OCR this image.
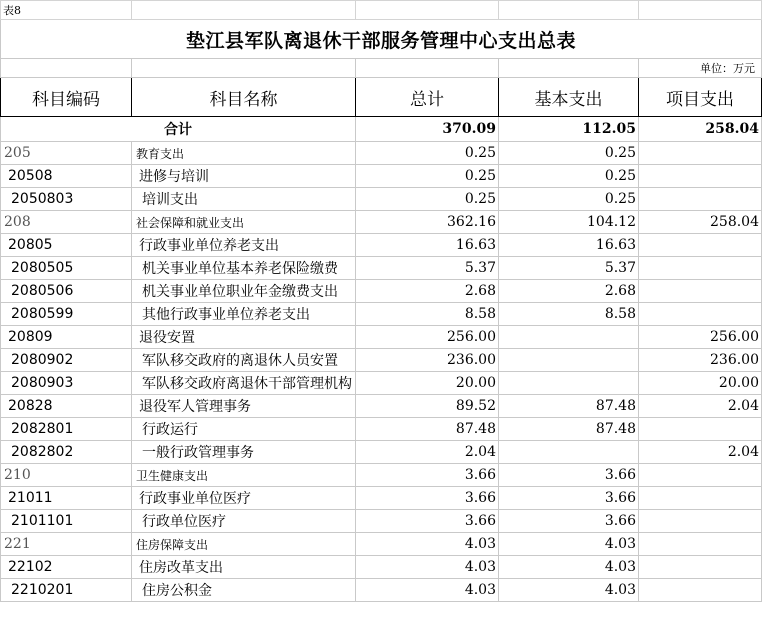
表8				
垫江县军队离退休干部服务管理中心支出总表				
				单位：万元
科目编码	科目名称	总计	基本支出	项目支出
合计		370.09	112.05	258.04
205	教育支出	0.25	0.25	
20508	进修与培训	0.25	0.25	
2050803	培训支出	0.25	0.25	
208	社会保障和就业支出	362.16	104.12	258.04
20805	行政事业单位养老支出	16.63	16.63	
2080505	机关事业单位基本养老保险缴费	5.37	5.37	
2080506	机关事业单位职业年金缴费支出	2.68	2.68	
2080599	其他行政事业单位养老支出	8.58	8.58	
20809	退役安置	256.00		256.00
2080902	军队移交政府的离退休人员安置	236.00		236.00
2080903	军队移交政府离退休干部管理机构	20.00		20.00
20828	退役军人管理事务	89.52	87.48	2.04
2082801	行政运行	87.48	87.48	
2082802	一般行政管理事务	2.04		2.04
210	卫生健康支出	3.66	3.66	
21011	行政事业单位医疗	3.66	3.66	
2101101	行政单位医疗	3.66	3.66	
221	住房保障支出	4.03	4.03	
22102	住房改革支出	4.03	4.03	
2210201	住房公积金	4.03	4.03	
